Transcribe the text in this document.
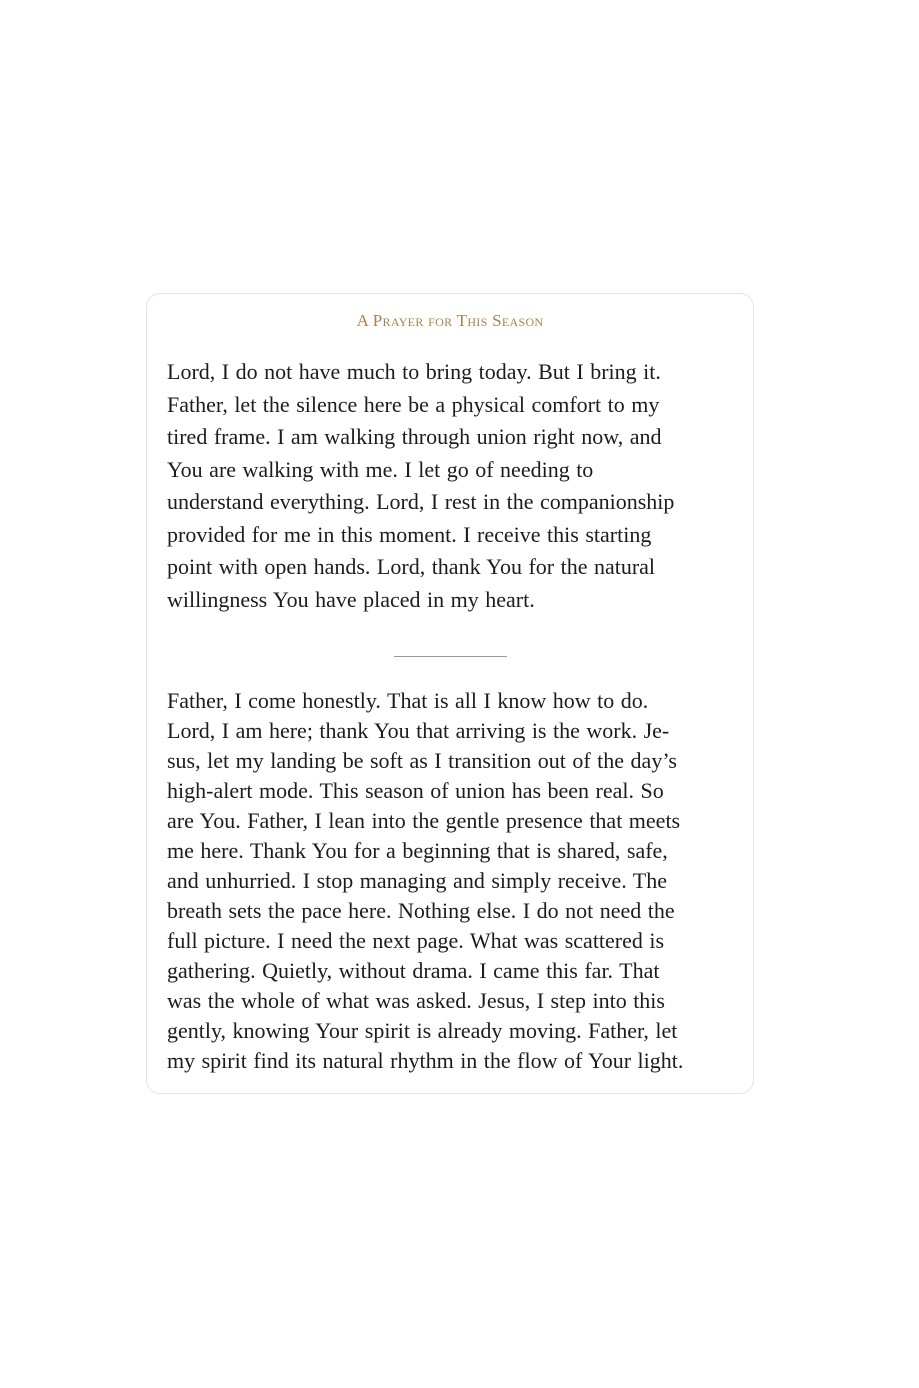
A Prayer for This Season

Lord, I do not have much to bring today. But I bring it.
Father, let the silence here be a physical comfort to my
tired frame. I am walking through union right now, and
You are walking with me. I let go of needing to
understand everything. Lord, I rest in the companionship
provided for me in this moment. I receive this starting
point with open hands. Lord, thank You for the natural
willingness You have placed in my heart.

Father, I come honestly. That is all I know how to do.
Lord, I am here; thank You that arriving is the work. Je-
sus, let my landing be soft as I transition out of the day’s
high-alert mode. This season of union has been real. So
are You. Father, I lean into the gentle presence that meets
me here. Thank You for a beginning that is shared, safe,
and unhurried. I stop managing and simply receive. The
breath sets the pace here. Nothing else. I do not need the
full picture. I need the next page. What was scattered is
gathering. Quietly, without drama. I came this far. That
was the whole of what was asked. Jesus, I step into this
gently, knowing Your spirit is already moving. Father, let
my spirit find its natural rhythm in the flow of Your light.
